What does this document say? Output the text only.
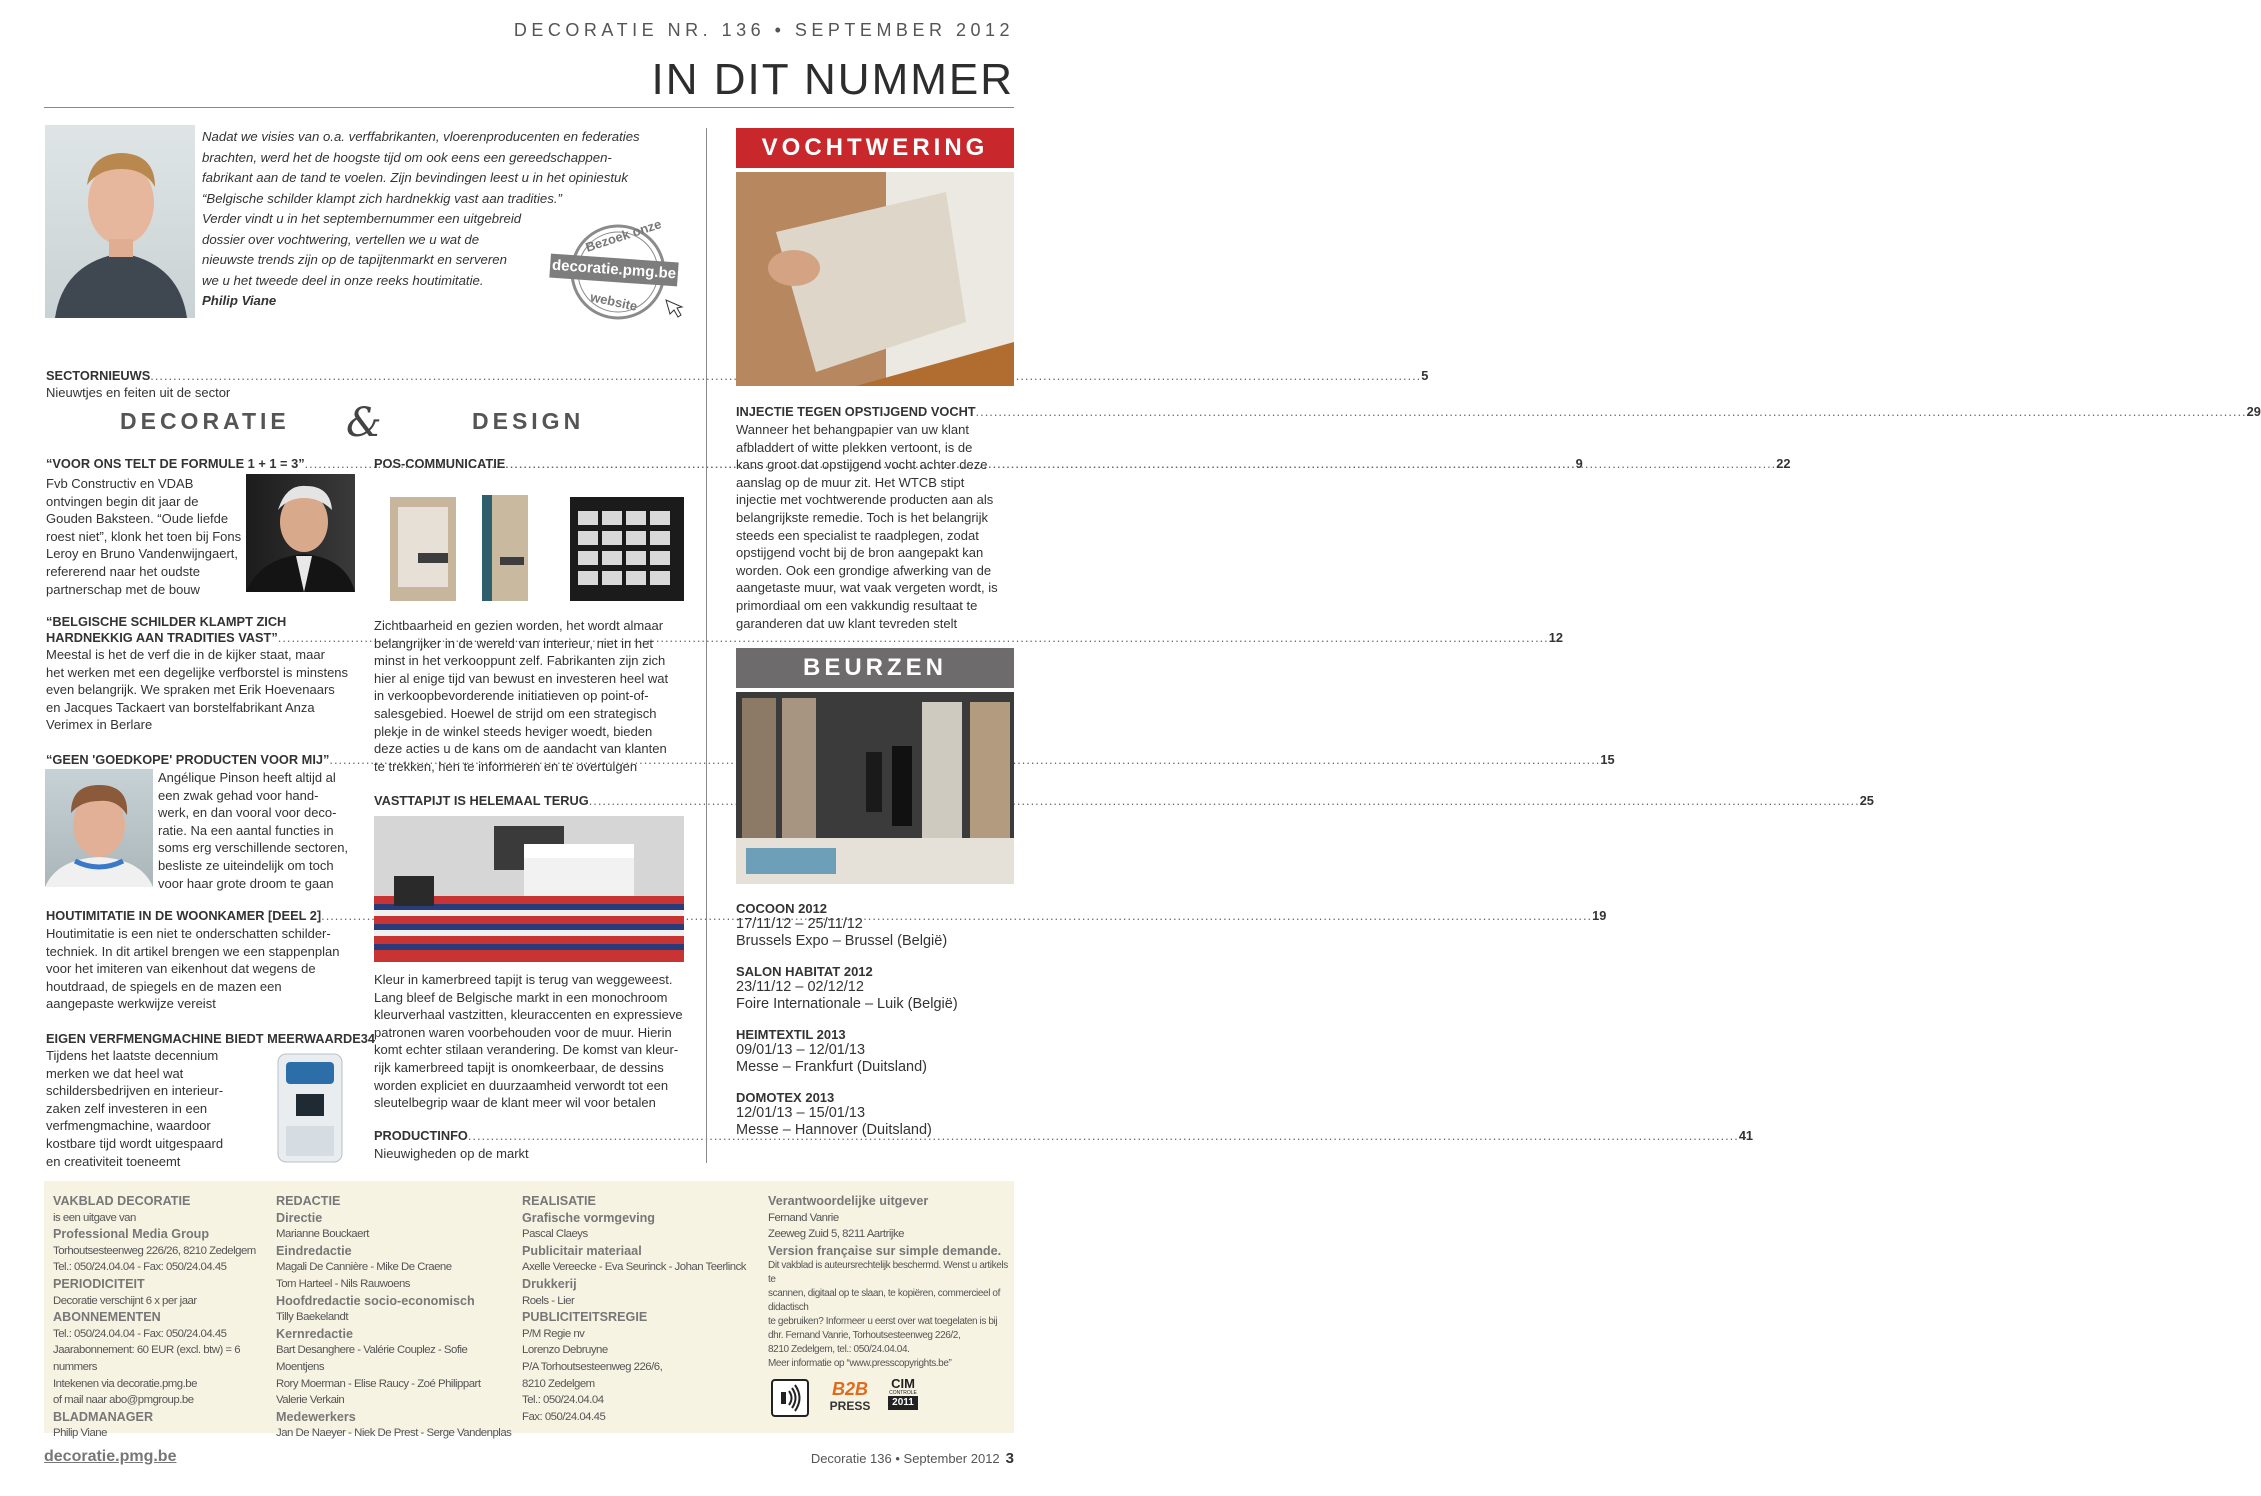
DECORATIE NR. 136 • SEPTEMBER 2012
IN DIT NUMMER
Nadat we visies van o.a. verffabrikanten, vloerenproducenten en federaties
brachten, werd het de hoogste tijd om ook eens een gereedschappen-
fabrikant aan de tand te voelen. Zijn bevindingen leest u in het opiniestuk
“Belgische schilder klampt zich hardnekkig vast aan tradities.”
Verder vindt u in het septembernummer een uitgebreid
dossier over vochtwering, vertellen we u wat de
nieuwste trends zijn op de tapijtenmarkt en serveren
we u het tweede deel in onze reeks houtimitatie.
Philip Viane
Bezoek onze
decoratie.pmg.be
website
SECTORNIEUWS .....	5
Nieuwtjes en feiten uit de sector
DECORATIE &	DESIGN
“VOOR ONS TELT DE FORMULE 1 + 1 = 3” .....	9
Fvb Constructiv en VDAB
ontvingen begin dit jaar de
Gouden Baksteen. “Oude liefde
roest niet”, klonk het toen bij Fons
Leroy en Bruno Vandenwijngaert,
refererend naar het oudste
partnerschap met de bouw
“BELGISCHE SCHILDER KLAMPT ZICH
HARDNEKKIG AAN TRADITIES VAST” .....	12
Meestal is het de verf die in de kijker staat, maar
het werken met een degelijke verfborstel is minstens
even belangrijk. We spraken met Erik Hoevenaars
en Jacques Tackaert van borstelfabrikant Anza
Verimex in Berlare
“GEEN 'GOEDKOPE' PRODUCTEN VOOR MIJ” .....	15
Angélique Pinson heeft altijd al
een zwak gehad voor hand-
werk, en dan vooral voor deco-
ratie. Na een aantal functies in
soms erg verschillende sectoren,
besliste ze uiteindelijk om toch
voor haar grote droom te gaan
HOUTIMITATIE IN DE WOONKAMER [DEEL 2] .....	19
Houtimitatie is een niet te onderschatten schilder-
techniek. In dit artikel brengen we een stappenplan
voor het imiteren van eikenhout dat wegens de
houtdraad, de spiegels en de mazen een
aangepaste werkwijze vereist
EIGEN VERFMENGMACHINE BIEDT MEERWAARDE 34
Tijdens het laatste decennium
merken we dat heel wat
schildersbedrijven en interieur-
zaken zelf investeren in een
verfmengmachine, waardoor
kostbare tijd wordt uitgespaard
en creativiteit toeneemt
POS-COMMUNICATIE .....	22
Zichtbaarheid en gezien worden, het wordt almaar
belangrijker in de wereld van interieur, niet in het
minst in het verkooppunt zelf. Fabrikanten zijn zich
hier al enige tijd van bewust en investeren heel wat
in verkoopbevorderende initiatieven op point-of-
salesgebied. Hoewel de strijd om een strategisch
plekje in de winkel steeds heviger woedt, bieden
deze acties u de kans om de aandacht van klanten
te trekken, hen te informeren en te overtuigen
VASTTAPIJT IS HELEMAAL TERUG .....	25
Kleur in kamerbreed tapijt is terug van weggeweest.
Lang bleef de Belgische markt in een monochroom
kleurverhaal vastzitten, kleuraccenten en expressieve
patronen waren voorbehouden voor de muur. Hierin
komt echter stilaan verandering. De komst van kleur-
rijk kamerbreed tapijt is onomkeerbaar, de dessins
worden expliciet en duurzaamheid verwordt tot een
sleutelbegrip waar de klant meer wil voor betalen
PRODUCTINFO .....	41
Nieuwigheden op de markt
VOCHTWERING
INJECTIE TEGEN OPSTIJGEND VOCHT .....	29
Wanneer het behangpapier van uw klant
afbladdert of witte plekken vertoont, is de
kans groot dat opstijgend vocht achter deze
aanslag op de muur zit. Het WTCB stipt
injectie met vochtwerende producten aan als
belangrijkste remedie. Toch is het belangrijk
steeds een specialist te raadplegen, zodat
opstijgend vocht bij de bron aangepakt kan
worden. Ook een grondige afwerking van de
aangetaste muur, wat vaak vergeten wordt, is
primordiaal om een vakkundig resultaat te
garanderen dat uw klant tevreden stelt
BEURZEN
COCOON 2012
17/11/12 – 25/11/12
Brussels Expo – Brussel (België)
SALON HABITAT 2012
23/11/12 – 02/12/12
Foire Internationale – Luik (België)
HEIMTEXTIL 2013
09/01/13 – 12/01/13
Messe – Frankfurt (Duitsland)
DOMOTEX 2013
12/01/13 – 15/01/13
Messe – Hannover (Duitsland)
VAKBLAD DECORATIE
is een uitgave van
Professional Media Group
Torhoutsesteenweg 226/26, 8210 Zedelgem
Tel.: 050/24.04.04 - Fax: 050/24.04.45
PERIODICITEIT
Decoratie verschijnt 6 x per jaar
ABONNEMENTEN
Tel.: 050/24.04.04 - Fax: 050/24.04.45
Jaarabonnement: 60 EUR (excl. btw) = 6 nummers
Intekenen via decoratie.pmg.be
of mail naar abo@pmgroup.be
BLADMANAGER
Philip Viane
REDACTIE
Directie
Marianne Bouckaert
Eindredactie
Magali De Cannière - Mike De Craene
Tom Harteel - Nils Rauwoens
Hoofdredactie socio-economisch
Tilly Baekelandt
Kernredactie
Bart Desanghere - Valérie Couplez - Sofie Moentjens
Rory Moerman - Elise Raucy - Zoé Philippart
Valerie Verkain
Medewerkers
Jan De Naeyer - Niek De Prest - Serge Vandenplas
REALISATIE
Grafische vormgeving
Pascal Claeys
Publicitair materiaal
Axelle Vereecke - Eva Seurinck - Johan Teerlinck
Drukkerij
Roels - Lier
PUBLICITEITSREGIE
P/M Regie nv
Lorenzo Debruyne
P/A Torhoutsesteenweg 226/6,
8210 Zedelgem
Tel.: 050/24.04.04
Fax: 050/24.04.45
Verantwoordelijke uitgever
Fernand Vanrie
Zeeweg Zuid 5, 8211 Aartrijke
Version française sur simple demande.
Dit vakblad is auteursrechtelijk beschermd. Wenst u artikels te
scannen, digitaal op te slaan, te kopiëren, commercieel of didactisch
te gebruiken? Informeer u eerst over wat toegelaten is bij
dhr. Fernand Vanrie, Torhoutsesteenweg 226/2,
8210 Zedelgem, tel.: 050/24.04.04.
Meer informatie op “www.presscopyrights.be”
B2B
PRESS
CIM
CONTROLE
2011
decoratie.pmg.be	Decoratie 136 • September 2012 3
